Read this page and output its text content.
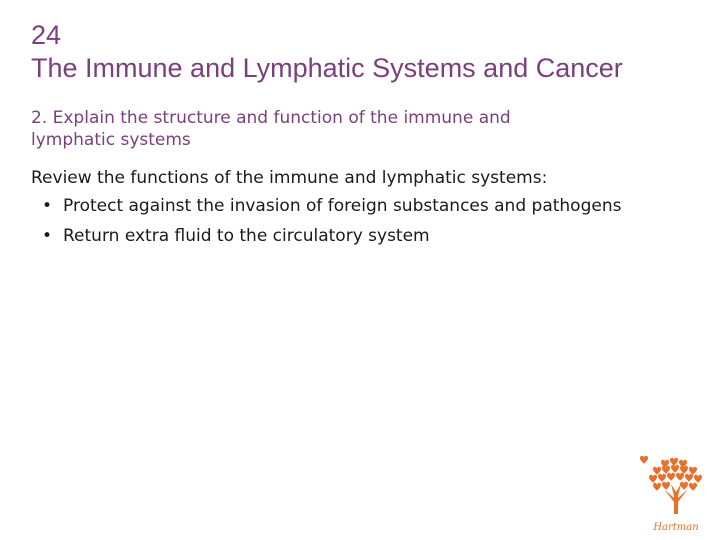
24
The Immune and Lymphatic Systems and Cancer
2. Explain the structure and function of the immune and
lymphatic systems
Review the functions of the immune and lymphatic systems:
• Protect against the invasion of foreign substances and pathogens
• Return extra fluid to the circulatory system
Hartman
